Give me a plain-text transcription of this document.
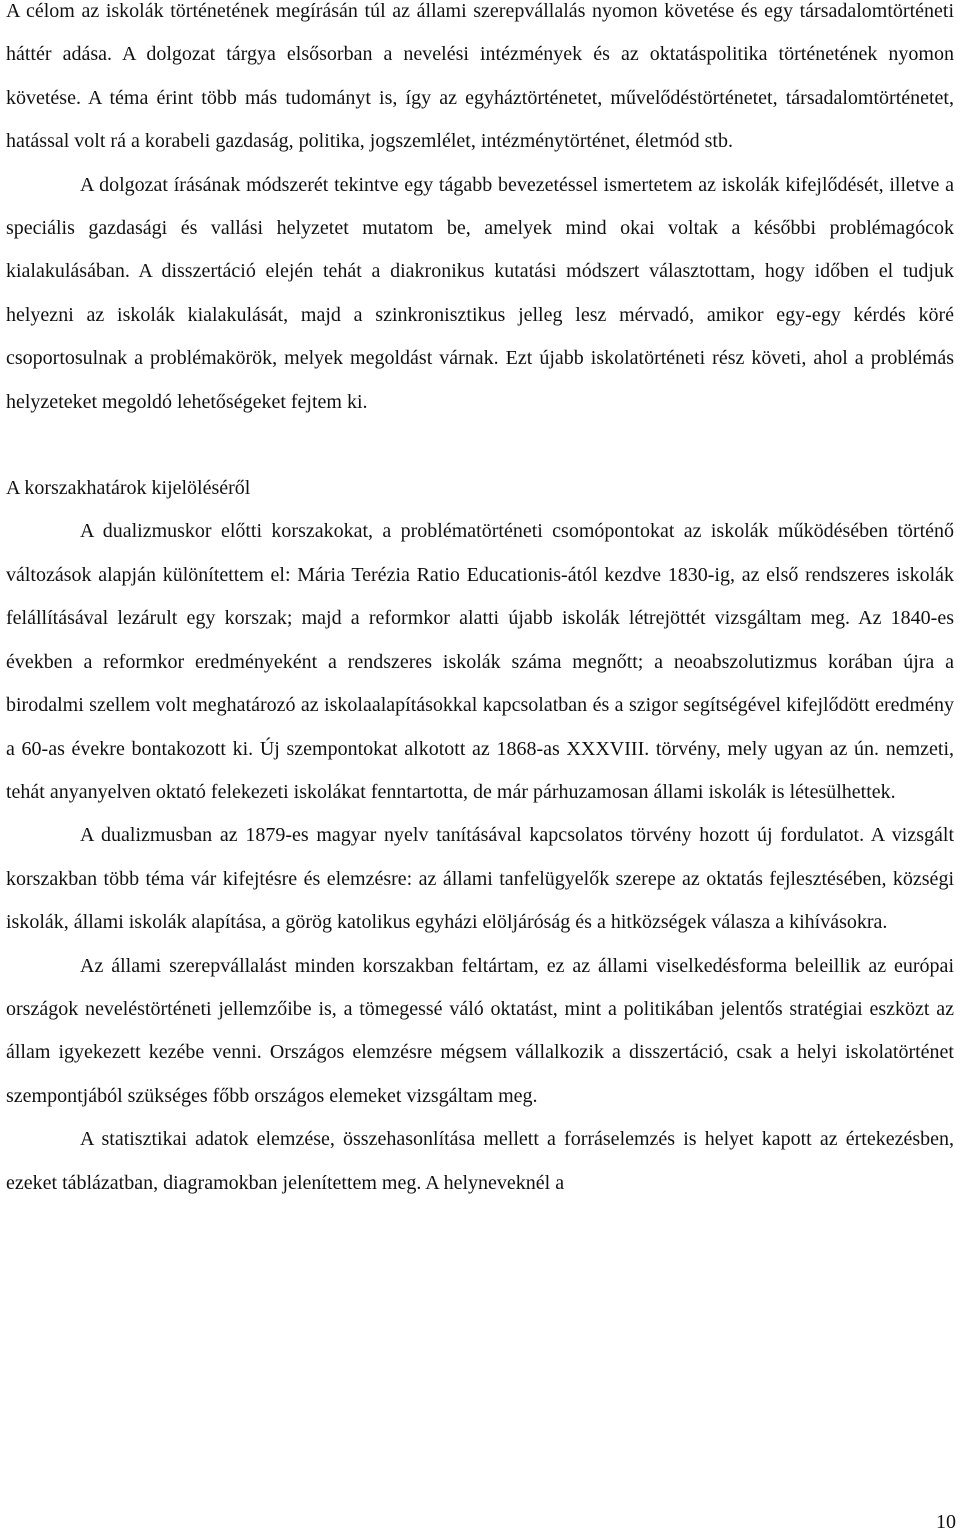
A célom az iskolák történetének megírásán túl az állami szerepvállalás nyomon követése és egy társadalomtörténeti háttér adása. A dolgozat tárgya elsősorban a nevelési intézmények és az oktatáspolitika történetének nyomon követése. A téma érint több más tudományt is, így az egyháztörténetet, művelődéstörténetet, társadalomtörténetet, hatással volt rá a korabeli gazdaság, politika, jogszemlélet, intézménytörténet, életmód stb.

A dolgozat írásának módszerét tekintve egy tágabb bevezetéssel ismertetem az iskolák kifejlődését, illetve a speciális gazdasági és vallási helyzetet mutatom be, amelyek mind okai voltak a későbbi problémagócok kialakulásában. A disszertáció elején tehát a diakronikus kutatási módszert választottam, hogy időben el tudjuk helyezni az iskolák kialakulását, majd a szinkronisztikus jelleg lesz mérvadó, amikor egy-egy kérdés köré csoportosulnak a problémakörök, melyek megoldást várnak. Ezt újabb iskolatörténeti rész követi, ahol a problémás helyzeteket megoldó lehetőségeket fejtem ki.

A korszakhatárok kijelöléséről

A dualizmuskor előtti korszakokat, a problématörténeti csomópontokat az iskolák működésében történő változások alapján különítettem el: Mária Terézia Ratio Educationis-ától kezdve 1830-ig, az első rendszeres iskolák felállításával lezárult egy korszak; majd a reformkor alatti újabb iskolák létrejöttét vizsgáltam meg. Az 1840-es években a reformkor eredményeként a rendszeres iskolák száma megnőtt; a neoabszolutizmus korában újra a birodalmi szellem volt meghatározó az iskolaalapításokkal kapcsolatban és a szigor segítségével kifejlődött eredmény a 60-as évekre bontakozott ki. Új szempontokat alkotott az 1868-as XXXVIII. törvény, mely ugyan az ún. nemzeti, tehát anyanyelven oktató felekezeti iskolákat fenntartotta, de már párhuzamosan állami iskolák is létesülhettek.

A dualizmusban az 1879-es magyar nyelv tanításával kapcsolatos törvény hozott új fordulatot. A vizsgált korszakban több téma vár kifejtésre és elemzésre: az állami tanfelügyelők szerepe az oktatás fejlesztésében, községi iskolák, állami iskolák alapítása, a görög katolikus egyházi elöljáróság és a hitközségek válasza a kihívásokra.

Az állami szerepvállalást minden korszakban feltártam, ez az állami viselkedésforma beleillik az európai országok neveléstörténeti jellemzőibe is, a tömegessé váló oktatást, mint a politikában jelentős stratégiai eszközt az állam igyekezett kezébe venni. Országos elemzésre mégsem vállalkozik a disszertáció, csak a helyi iskolatörténet szempontjából szükséges főbb országos elemeket vizsgáltam meg.

A statisztikai adatok elemzése, összehasonlítása mellett a forráselemzés is helyet kapott az értekezésben, ezeket táblázatban, diagramokban jelenítettem meg. A helyneveknél a

10
